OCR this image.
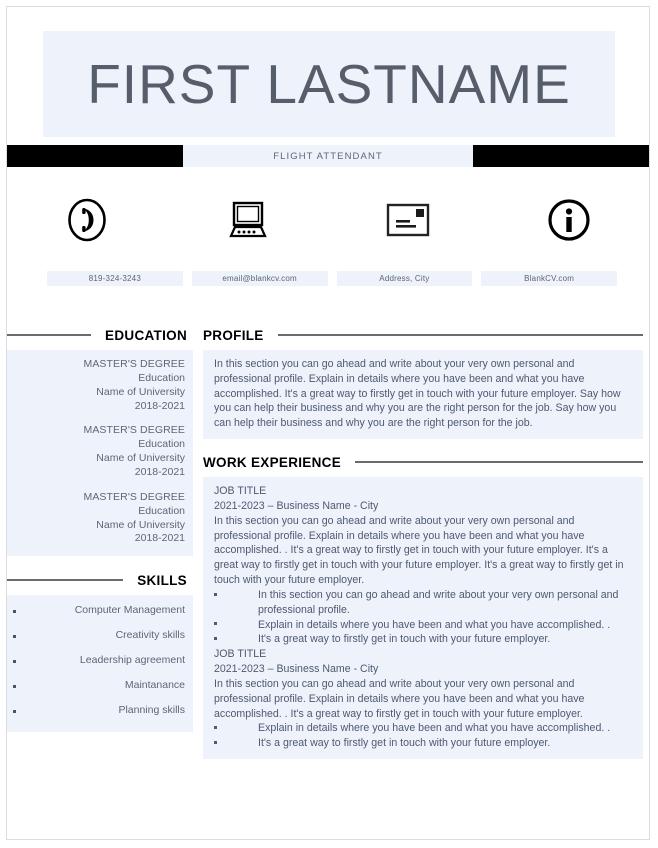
FIRST LASTNAME
FLIGHT ATTENDANT
819-324-3243	email@blankcv.com	Address, City	BlankCV.com
EDUCATION
MASTER'S DEGREE
Education
Name of University
2018-2021
MASTER'S DEGREE
Education
Name of University
2018-2021
MASTER'S DEGREE
Education
Name of University
2018-2021
SKILLS
Computer Management
Creativity skills
Leadership agreement
Maintanance
Planning skills
PROFILE

In this section you can go ahead and write about your very own personal and professional profile. Explain in details where you have been and what you have accomplished. It's a great way to firstly get in touch with your future employer. Say how you can help their business and why you are the right person for the job. Say how you can help their business and why you are the right person for the job.

WORK EXPERIENCE

JOB TITLE

2021-2023 – Business Name - City

In this section you can go ahead and write about your very own personal and professional profile. Explain in details where you have been and what you have accomplished. . It's a great way to firstly get in touch with your future employer. It's a great way to firstly get in touch with your future employer. It's a great way to firstly get in touch with your future employer.

In this section you can go ahead and write about your very own personal and professional profile.
Explain in details where you have been and what you have accomplished. .
It's a great way to firstly get in touch with your future employer.

JOB TITLE

2021-2023 – Business Name - City

In this section you can go ahead and write about your very own personal and professional profile. Explain in details where you have been and what you have accomplished. . It's a great way to firstly get in touch with your future employer.

Explain in details where you have been and what you have accomplished. .
It's a great way to firstly get in touch with your future employer.
